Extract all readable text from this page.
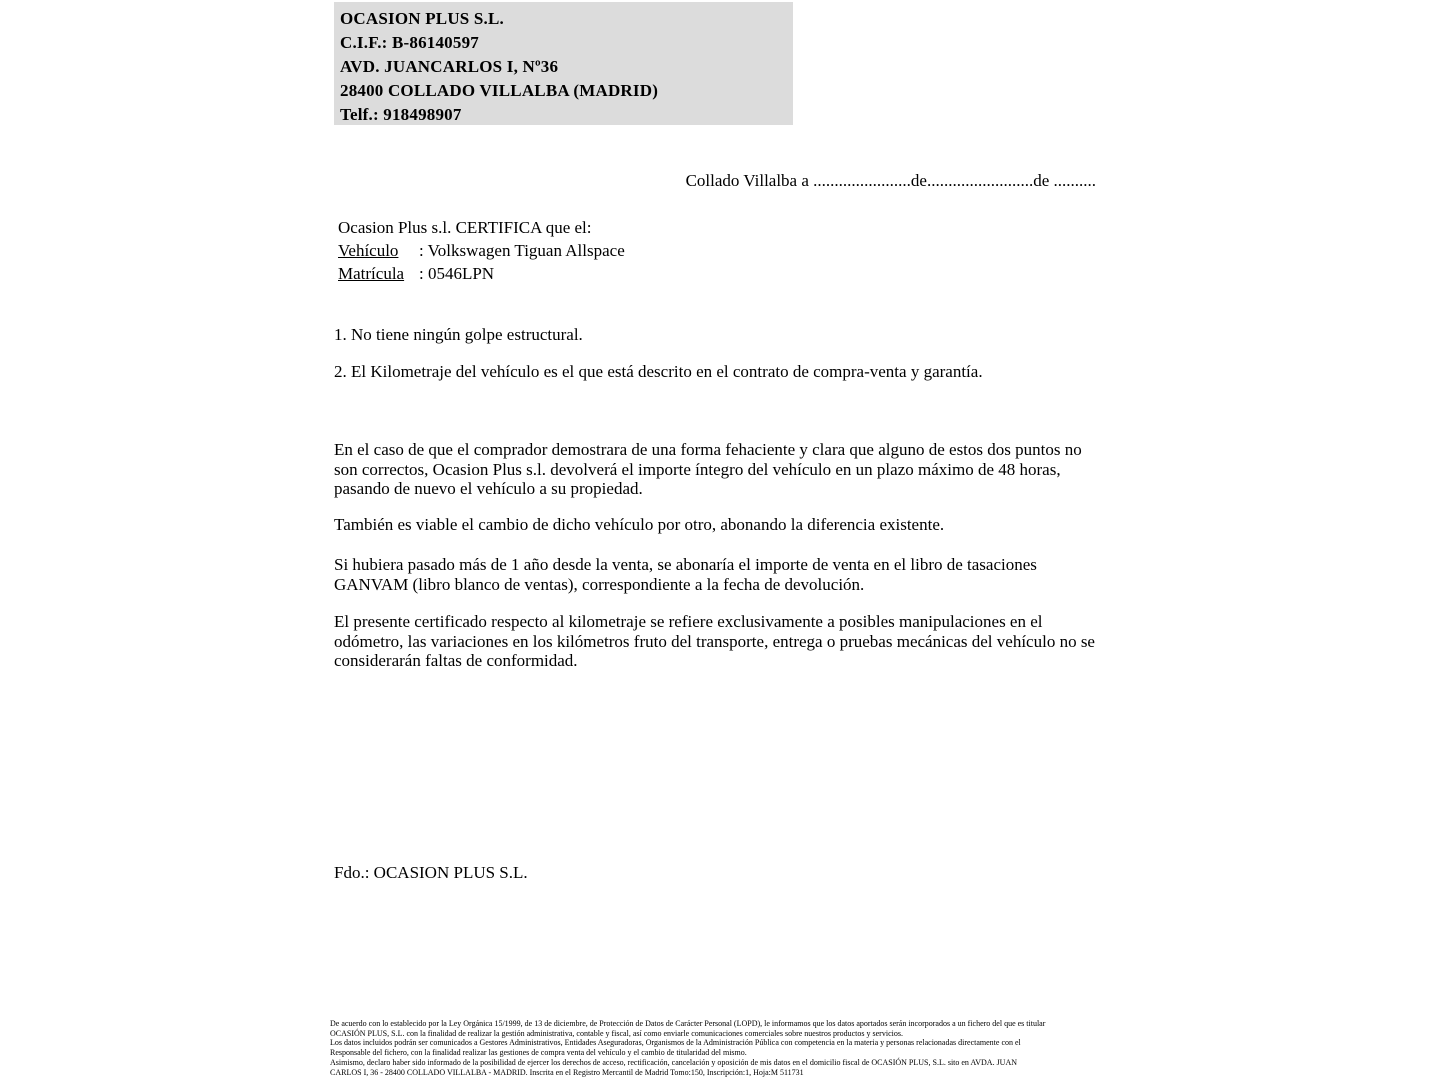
OCASION PLUS S.L.
C.I.F.: B-86140597
AVD. JUANCARLOS I, Nº36
28400 COLLADO VILLALBA (MADRID)
Telf.: 918498907
Collado Villalba a .......................de.........................de ..........
Ocasion Plus s.l. CERTIFICA que el:
Vehículo : Volkswagen Tiguan Allspace
Matrícula : 0546LPN
1. No tiene ningún golpe estructural.
2. El Kilometraje del vehículo es el que está descrito en el contrato de compra-venta y garantía.
En el caso de que el comprador demostrara de una forma fehaciente y clara que alguno de estos dos puntos no son correctos, Ocasion Plus s.l. devolverá el importe íntegro del vehículo en un plazo máximo de 48 horas, pasando de nuevo el vehículo a su propiedad.
También es viable el cambio de dicho vehículo por otro, abonando la diferencia existente.
Si hubiera pasado más de 1 año desde la venta, se abonaría el importe de venta en el libro de tasaciones GANVAM (libro blanco de ventas), correspondiente a la fecha de devolución.
El presente certificado respecto al kilometraje se refiere exclusivamente a posibles manipulaciones en el odómetro, las variaciones en los kilómetros fruto del transporte, entrega o pruebas mecánicas del vehículo no se considerarán faltas de conformidad.
Fdo.: OCASION PLUS S.L.
De acuerdo con lo establecido por la Ley Orgánica 15/1999, de 13 de diciembre, de Protección de Datos de Carácter Personal (LOPD), le informamos que los datos aportados serán incorporados a un fichero del que es titular
OCASIÓN PLUS, S.L. con la finalidad de realizar la gestión administrativa, contable y fiscal, así como enviarle comunicaciones comerciales sobre nuestros productos y servicios.
Los datos incluidos podrán ser comunicados a Gestores Administrativos, Entidades Aseguradoras, Organismos de la Administración Pública con competencia en la materia y personas relacionadas directamente con el
Responsable del fichero, con la finalidad realizar las gestiones de compra venta del vehículo y el cambio de titularidad del mismo.
Asimismo, declaro haber sido informado de la posibilidad de ejercer los derechos de acceso, rectificación, cancelación y oposición de mis datos en el domicilio fiscal de OCASIÓN PLUS, S.L. sito en AVDA. JUAN
CARLOS I, 36 - 28400 COLLADO VILLALBA - MADRID. Inscrita en el Registro Mercantil de Madrid Tomo:150, Inscripción:1, Hoja:M 511731
